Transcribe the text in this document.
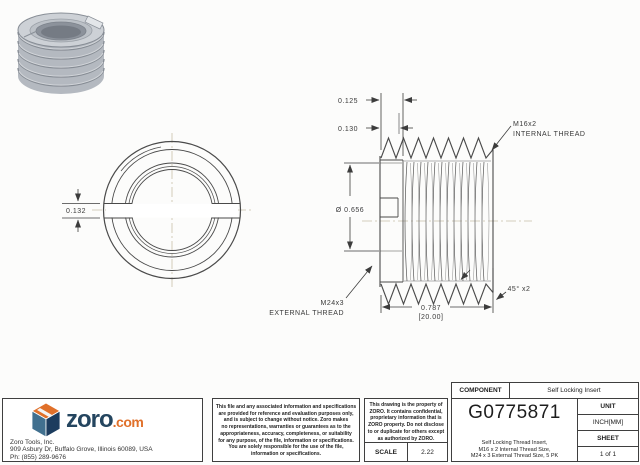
0.132
0.125
0.130
Ø 0.656
M16x2
INTERNAL THREAD
M24x3
EXTERNAL THREAD
0.787
[20.00]
45° x2
zoro .com
Zoro Tools, Inc.
909 Asbury Dr, Buffalo Grove, Illinois 60089, USA
Ph: (855) 289-9676
This file and any associated information and specifications
are provided for reference and evaluation purposes only,
and is subject to change without notice. Zoro makes
no representations, warranties or guarantees as to the
appropriateness, accuracy, completeness, or suitability
for any purpose, of the file, information or specifications.
You are solely responsible for the use of the file,
information or specifications.
This drawing is the property of
ZORO. It contains confidential,
proprietary information that is
ZORO property. Do not disclose
to or duplicate for others except
as authorized by ZORO.
SCALE	2.22
COMPONENT	Self Locking Insert
G0775871
Self Locking Thread Insert,
M16 x 2 Internal Thread Size,
M24 x 3 External Thread Size, 5 PK
UNIT
INCH[MM]
SHEET
1 of 1
